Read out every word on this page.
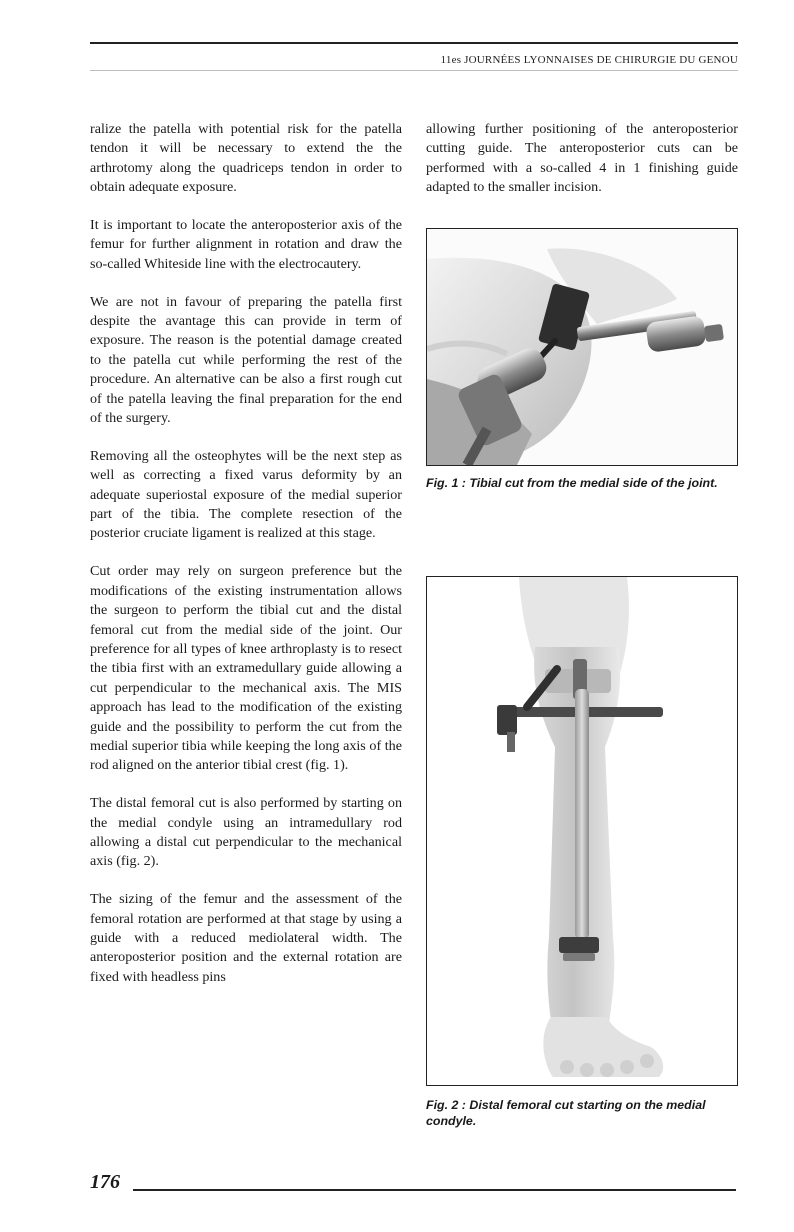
11es JOURNÉES LYONNAISES DE CHIRURGIE DU GENOU

ralize the patella with potential risk for the patella tendon it will be necessary to extend the the arthrotomy along the quadriceps tendon in order to obtain adequate exposure.

It is important to locate the anteroposterior axis of the femur for further alignment in rotation and draw the so-called Whiteside line with the electrocautery.

We are not in favour of preparing the patella first despite the avantage this can provide in term of exposure. The reason is the potential damage created to the patella cut while performing the rest of the procedure. An alternative can be also a first rough cut of the patella leaving the final preparation for the end of the surgery.

Removing all the osteophytes will be the next step as well as correcting a fixed varus deformity by an adequate superiostal exposure of the medial superior part of the tibia. The complete resection of the posterior cruciate ligament is realized at this stage.

Cut order may rely on surgeon preference but the modifications of the existing instrumentation allows the surgeon to perform the tibial cut and the distal femoral cut from the medial side of the joint. Our preference for all types of knee arthroplasty is to resect the tibia first with an extramedullary guide allowing a cut perpendicular to the mechanical axis. The MIS approach has lead to the modification of the existing guide and the possibility to perform the cut from the medial superior tibia while keeping the long axis of the rod aligned on the anterior tibial crest (fig. 1).

The distal femoral cut is also performed by starting on the medial condyle using an intramedullary rod allowing a distal cut perpendicular to the mechanical axis (fig. 2).

The sizing of the femur and the assessment of the femoral rotation are performed at that stage by using a guide with a reduced mediolateral width. The anteroposterior position and the external rotation are fixed with headless pins

allowing further positioning of the anteroposterior cutting guide. The anteroposterior cuts can be performed with a so-called 4 in 1 finishing guide adapted to the smaller incision.

Fig. 1 : Tibial cut from the medial side of the joint.
Fig. 2 : Distal femoral cut starting on the medial condyle.
176
